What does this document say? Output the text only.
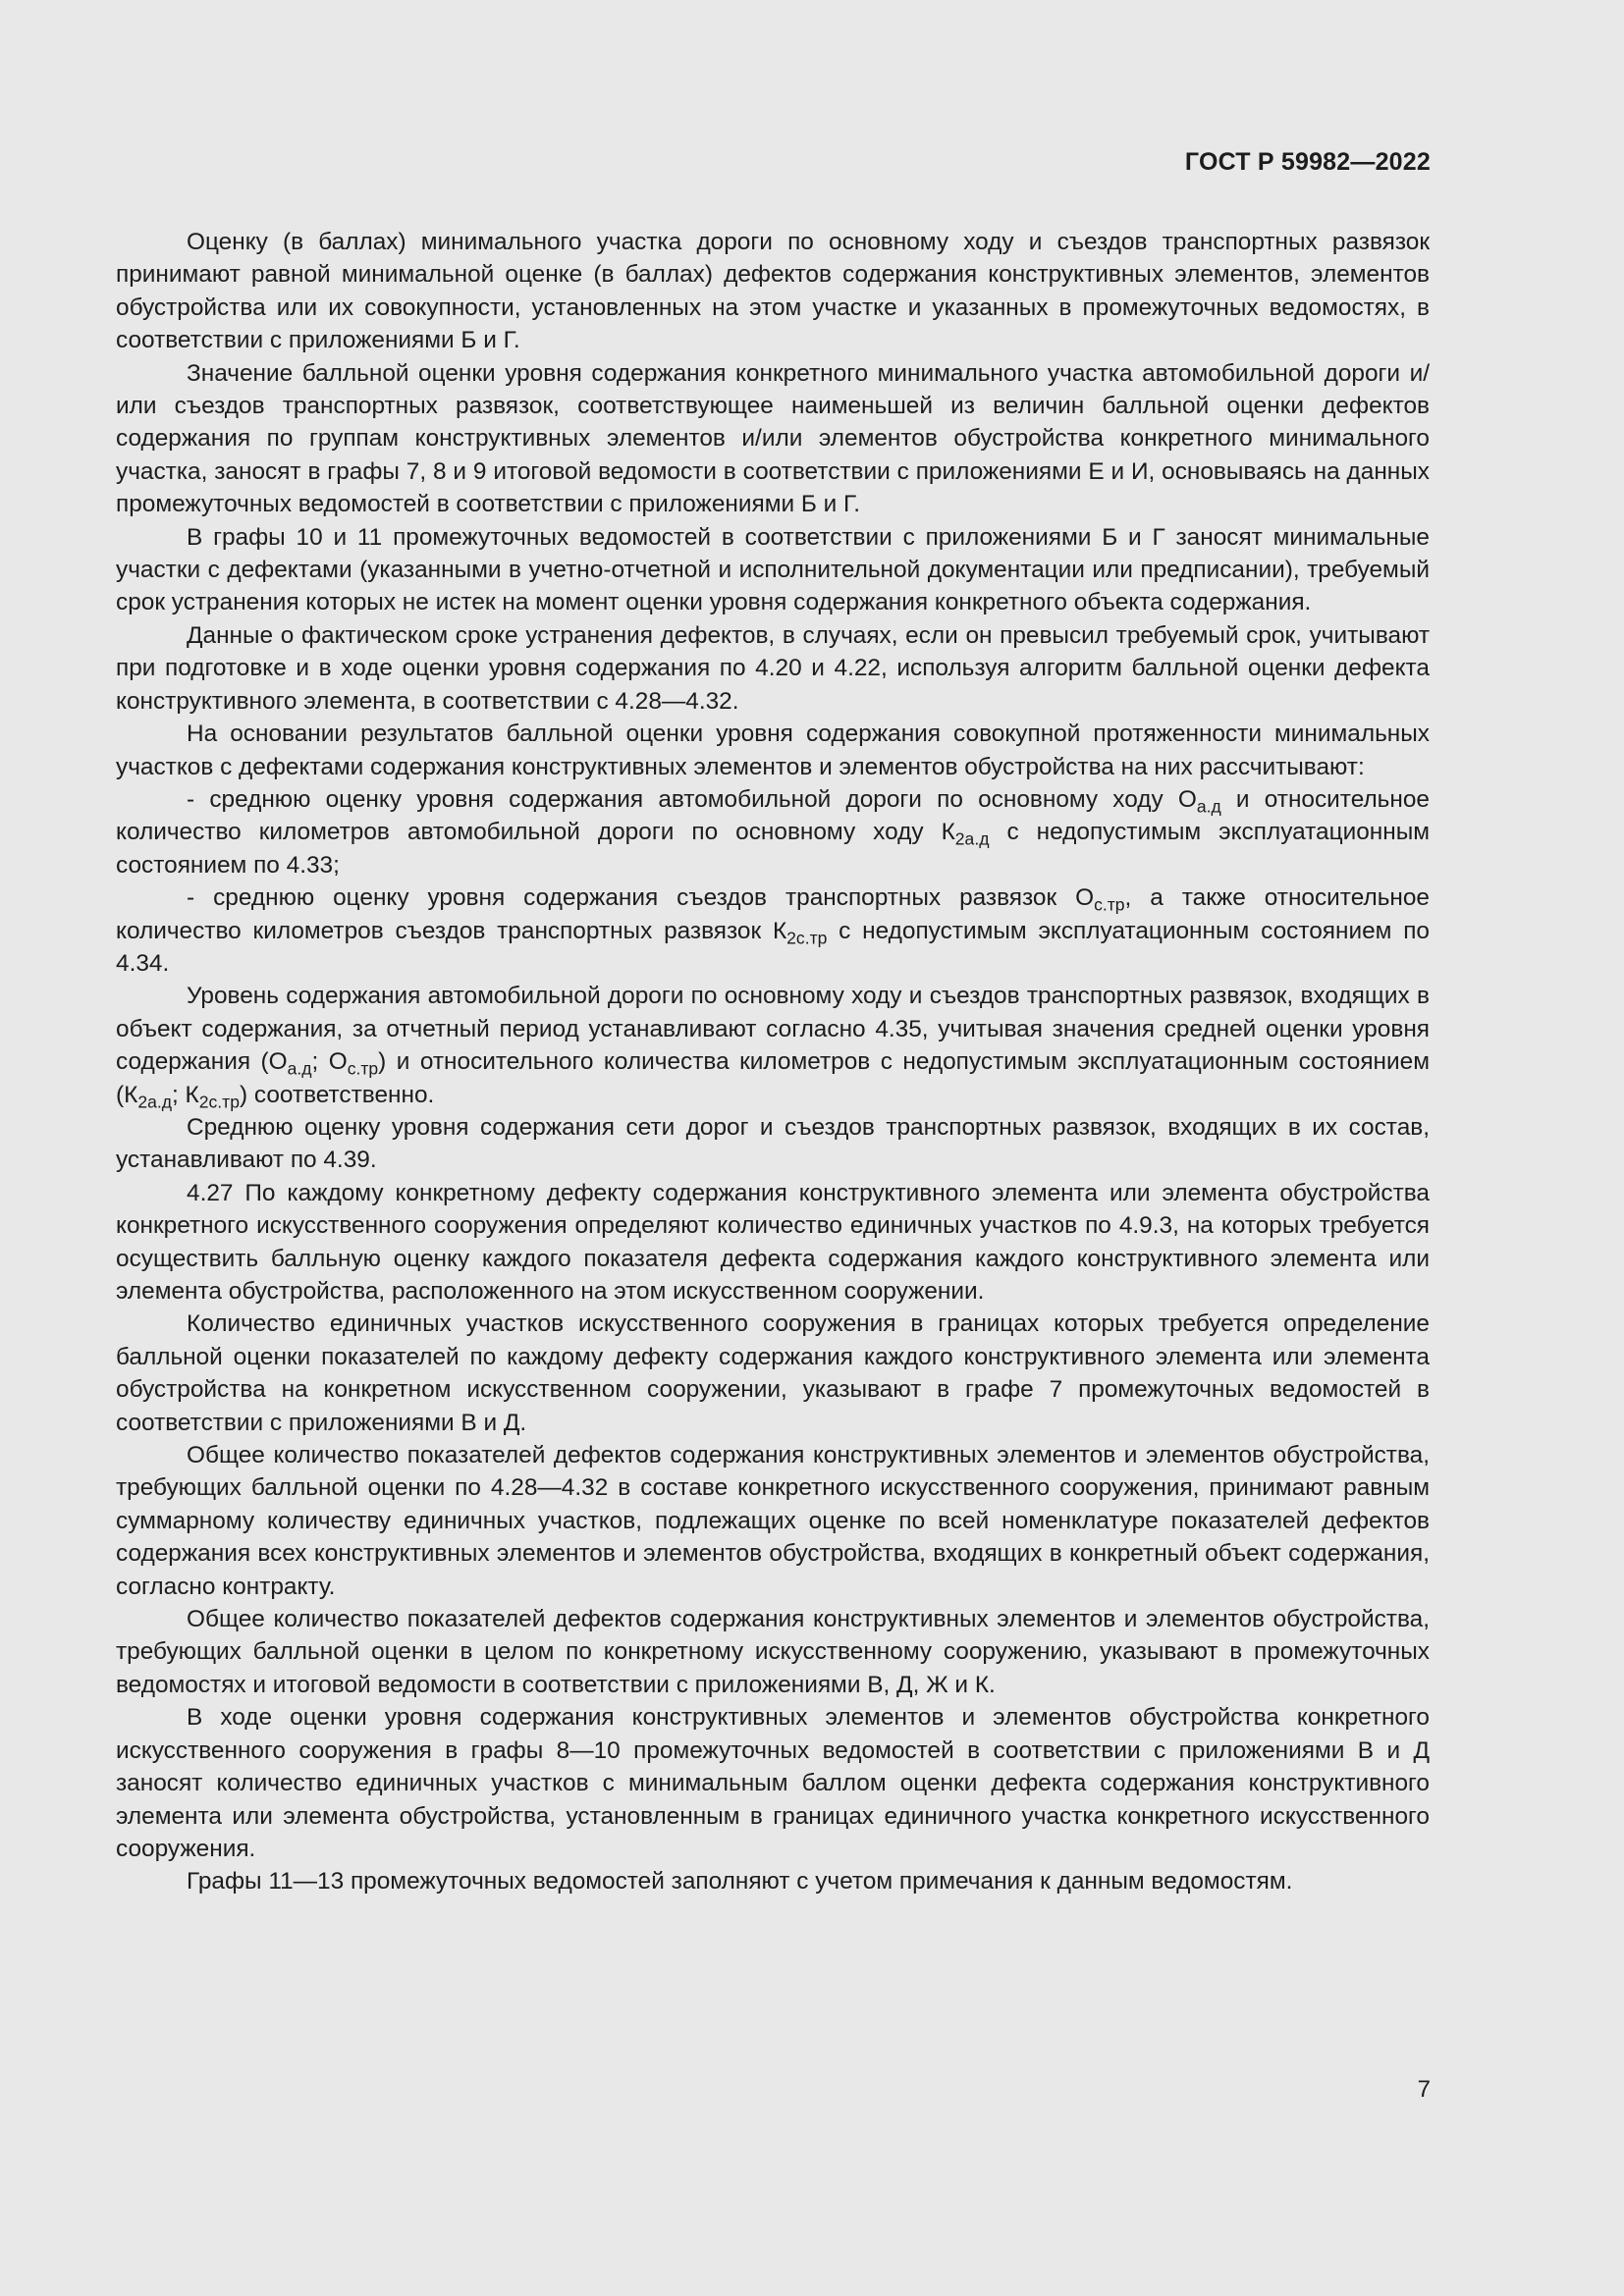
ГОСТ Р 59982—2022

Оценку (в баллах) минимального участка дороги по основному ходу и съездов транспортных развязок принимают равной минимальной оценке (в баллах) дефектов содержания конструктивных элементов, элементов обустройства или их совокупности, установленных на этом участке и указанных в промежуточных ведомостях, в соответствии с приложениями Б и Г.

Значение балльной оценки уровня содержания конкретного минимального участка автомобильной дороги и/или съездов транспортных развязок, соответствующее наименьшей из величин балльной оценки дефектов содержания по группам конструктивных элементов и/или элементов обустройства конкретного минимального участка, заносят в графы 7, 8 и 9 итоговой ведомости в соответствии с приложениями Е и И, основываясь на данных промежуточных ведомостей в соответствии с приложениями Б и Г.

В графы 10 и 11 промежуточных ведомостей в соответствии с приложениями Б и Г заносят минимальные участки с дефектами (указанными в учетно-отчетной и исполнительной документации или предписании), требуемый срок устранения которых не истек на момент оценки уровня содержания конкретного объекта содержания.

Данные о фактическом сроке устранения дефектов, в случаях, если он превысил требуемый срок, учитывают при подготовке и в ходе оценки уровня содержания по 4.20 и 4.22, используя алгоритм балльной оценки дефекта конструктивного элемента, в соответствии с 4.28—4.32.

На основании результатов балльной оценки уровня содержания совокупной протяженности минимальных участков с дефектами содержания конструктивных элементов и элементов обустройства на них рассчитывают:

- среднюю оценку уровня содержания автомобильной дороги по основному ходу $О_{а.д}$ и относительное количество километров автомобильной дороги по основному ходу $К_{2а.д}$ с недопустимым эксплуатационным состоянием по 4.33;

- среднюю оценку уровня содержания съездов транспортных развязок $О_{с.тр}$, а также относительное количество километров съездов транспортных развязок $К_{2с.тр}$ с недопустимым эксплуатационным состоянием по 4.34.

Уровень содержания автомобильной дороги по основному ходу и съездов транспортных развязок, входящих в объект содержания, за отчетный период устанавливают согласно 4.35, учитывая значения средней оценки уровня содержания ($О_{а.д}$; $О_{с.тр}$) и относительного количества километров с недопустимым эксплуатационным состоянием ($К_{2а.д}$; $К_{2с.тр}$) соответственно.

Среднюю оценку уровня содержания сети дорог и съездов транспортных развязок, входящих в их состав, устанавливают по 4.39.

4.27 По каждому конкретному дефекту содержания конструктивного элемента или элемента обустройства конкретного искусственного сооружения определяют количество единичных участков по 4.9.3, на которых требуется осуществить балльную оценку каждого показателя дефекта содержания каждого конструктивного элемента или элемента обустройства, расположенного на этом искусственном сооружении.

Количество единичных участков искусственного сооружения в границах которых требуется определение балльной оценки показателей по каждому дефекту содержания каждого конструктивного элемента или элемента обустройства на конкретном искусственном сооружении, указывают в графе 7 промежуточных ведомостей в соответствии с приложениями В и Д.

Общее количество показателей дефектов содержания конструктивных элементов и элементов обустройства, требующих балльной оценки по 4.28—4.32 в составе конкретного искусственного сооружения, принимают равным суммарному количеству единичных участков, подлежащих оценке по всей номенклатуре показателей дефектов содержания всех конструктивных элементов и элементов обустройства, входящих в конкретный объект содержания, согласно контракту.

Общее количество показателей дефектов содержания конструктивных элементов и элементов обустройства, требующих балльной оценки в целом по конкретному искусственному сооружению, указывают в промежуточных ведомостях и итоговой ведомости в соответствии с приложениями В, Д, Ж и К.

В ходе оценки уровня содержания конструктивных элементов и элементов обустройства конкретного искусственного сооружения в графы 8—10 промежуточных ведомостей в соответствии с приложениями В и Д заносят количество единичных участков с минимальным баллом оценки дефекта содержания конструктивного элемента или элемента обустройства, установленным в границах единичного участка конкретного искусственного сооружения.

Графы 11—13 промежуточных ведомостей заполняют с учетом примечания к данным ведомостям.

7
